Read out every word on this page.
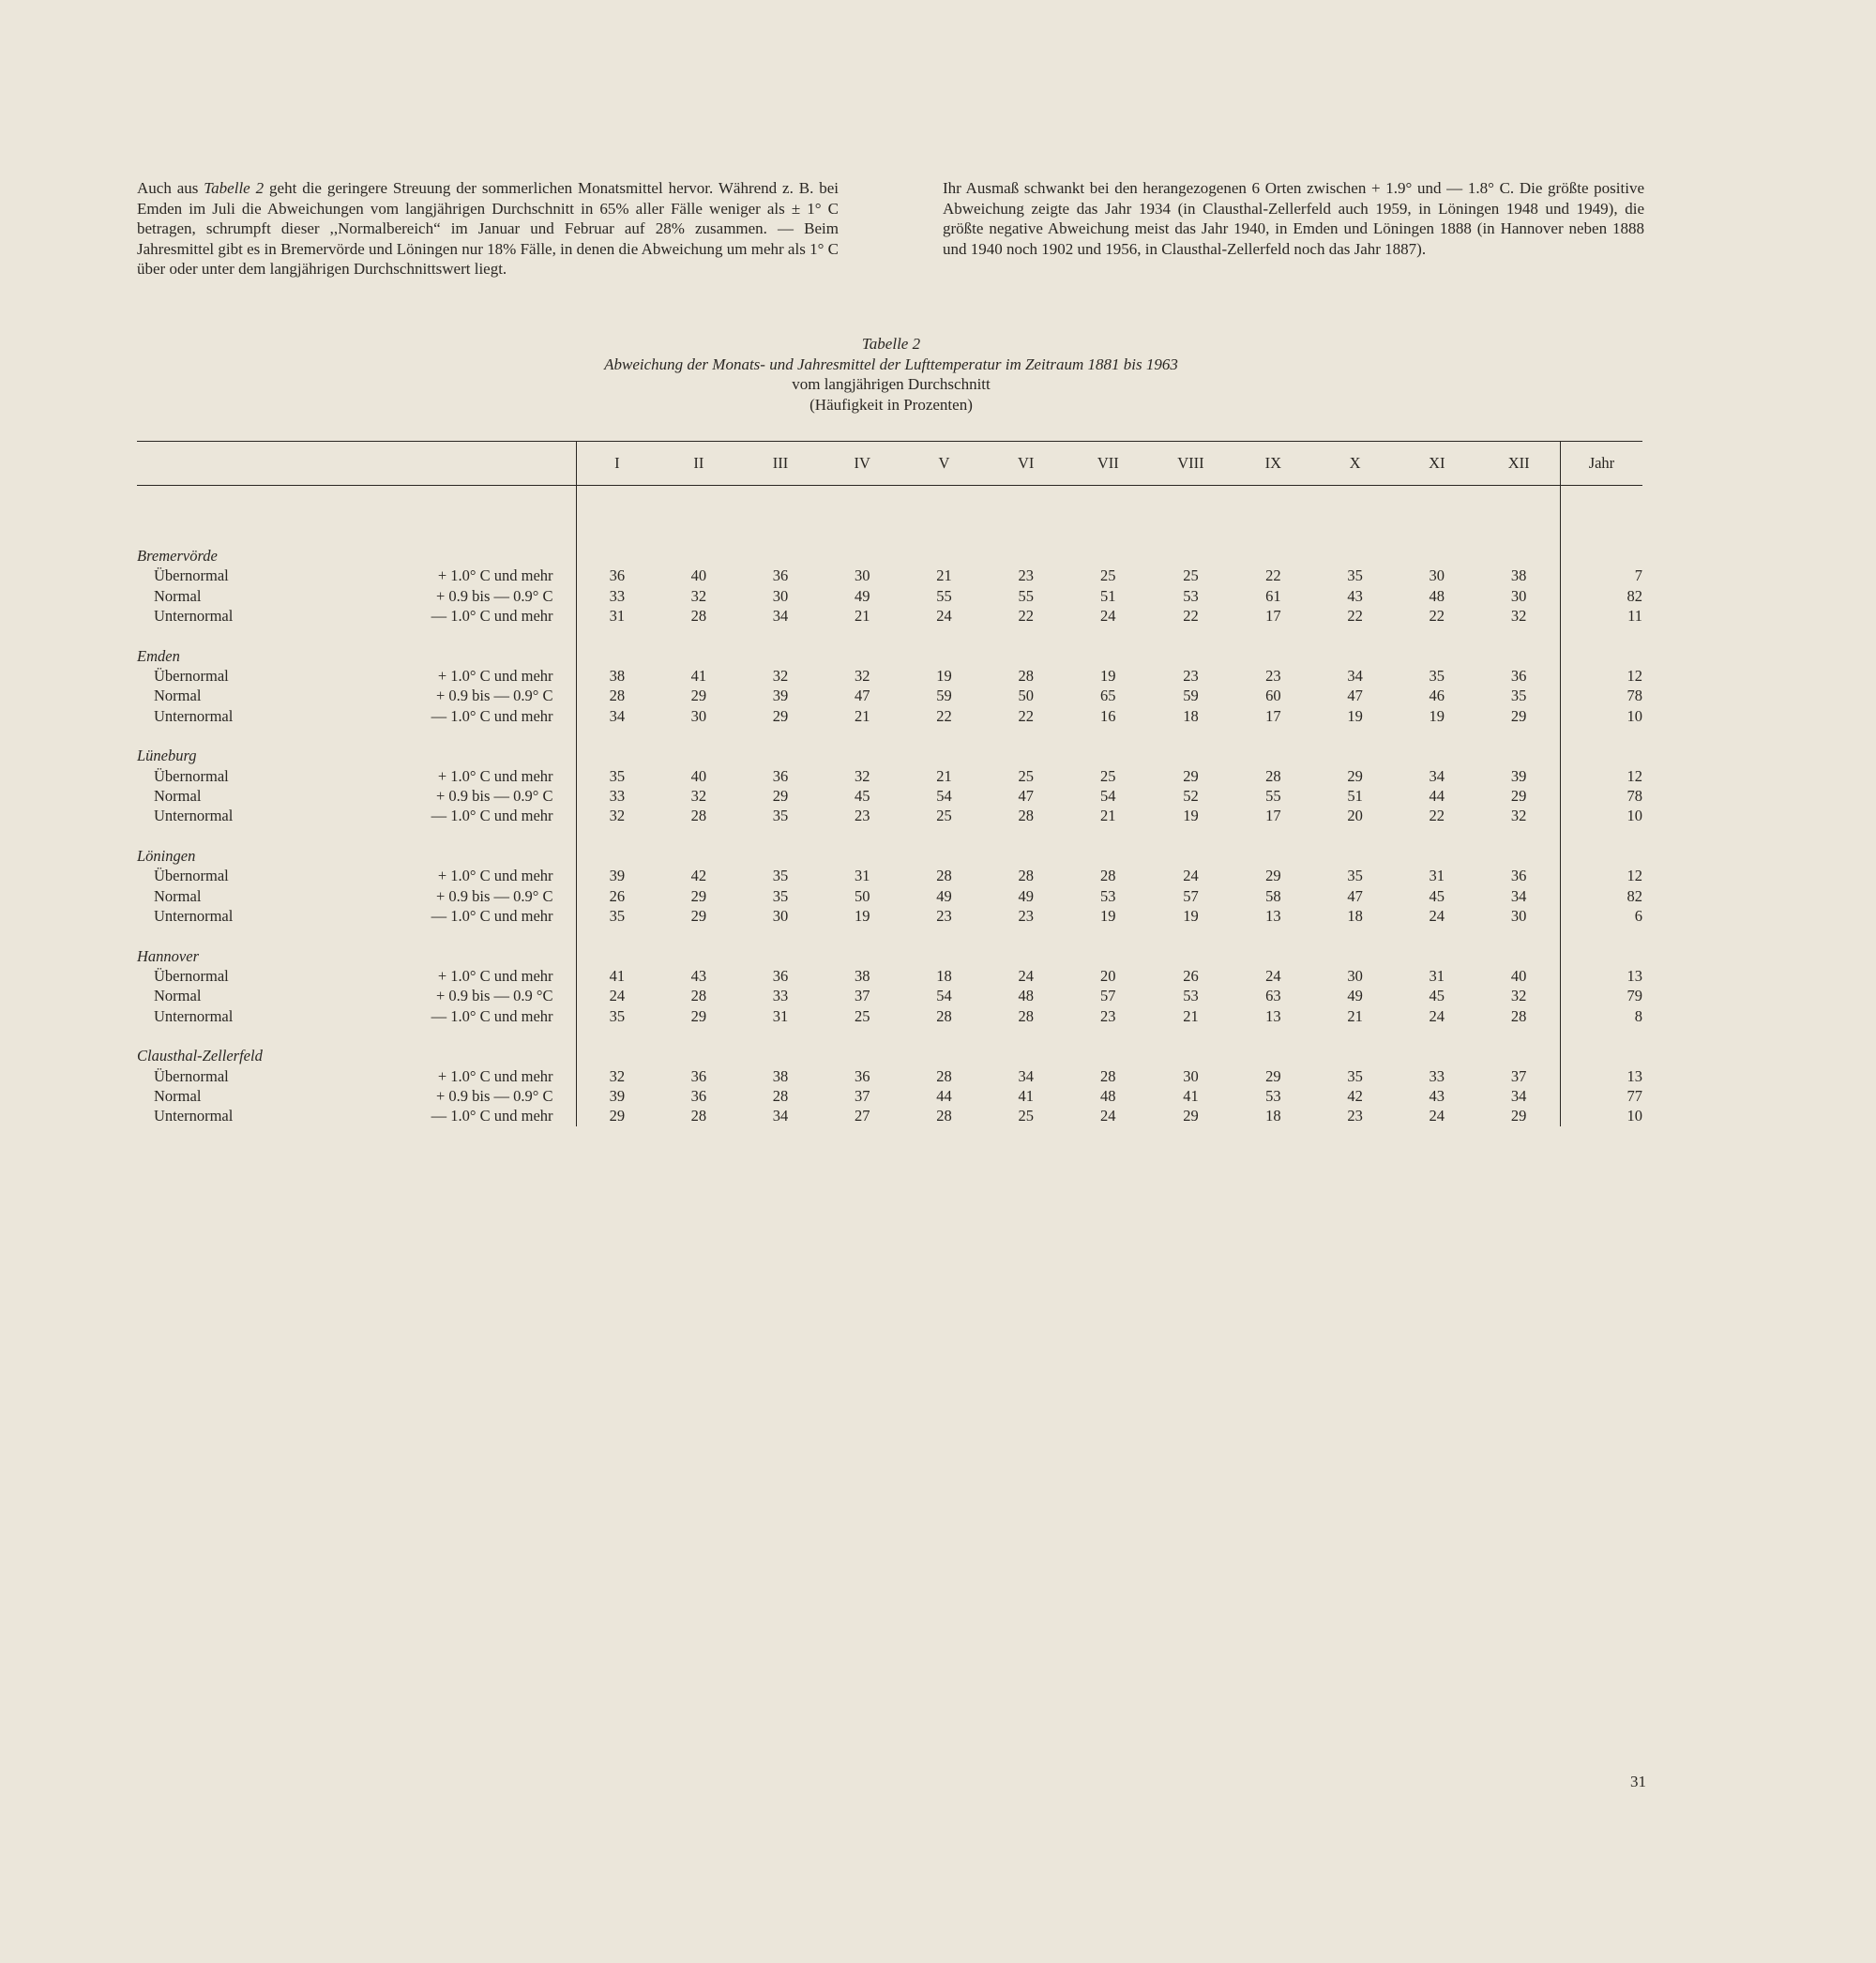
Auch aus Tabelle 2 geht die geringere Streuung der sommerlichen Monatsmittel hervor. Während z. B. bei Emden im Juli die Abweichungen vom langjährigen Durchschnitt in 65% aller Fälle weniger als ± 1° C betragen, schrumpft dieser ,,Normalbereich“ im Januar und Februar auf 28% zusammen. — Beim Jahresmittel gibt es in Bremervörde und Löningen nur 18% Fälle, in denen die Abweichung um mehr als 1° C über oder unter dem langjährigen Durchschnittswert liegt.

Ihr Ausmaß schwankt bei den herangezogenen 6 Orten zwischen + 1.9° und — 1.8° C. Die größte positive Abweichung zeigte das Jahr 1934 (in Clausthal-Zellerfeld auch 1959, in Löningen 1948 und 1949), die größte negative Abweichung meist das Jahr 1940, in Emden und Löningen 1888 (in Hannover neben 1888 und 1940 noch 1902 und 1956, in Clausthal-Zellerfeld noch das Jahr 1887).

Tabelle 2
Abweichung der Monats- und Jahresmittel der Lufttemperatur im Zeitraum 1881 bis 1963
vom langjährigen Durchschnitt
(Häufigkeit in Prozenten)
		I	II	III	IV	V	VI	VII	VIII	IX	X	XI	XII	Jahr

Bremervörde														
Übernormal	+ 1.0° C und mehr	36	40	36	30	21	23	25	25	22	35	30	38	7
Normal	+ 0.9 bis — 0.9° C	33	32	30	49	55	55	51	53	61	43	48	30	82
Unternormal	— 1.0° C und mehr	31	28	34	21	24	22	24	22	17	22	22	32	11

Emden														
Übernormal	+ 1.0° C und mehr	38	41	32	32	19	28	19	23	23	34	35	36	12
Normal	+ 0.9 bis — 0.9° C	28	29	39	47	59	50	65	59	60	47	46	35	78
Unternormal	— 1.0° C und mehr	34	30	29	21	22	22	16	18	17	19	19	29	10

Lüneburg														
Übernormal	+ 1.0° C und mehr	35	40	36	32	21	25	25	29	28	29	34	39	12
Normal	+ 0.9 bis — 0.9° C	33	32	29	45	54	47	54	52	55	51	44	29	78
Unternormal	— 1.0° C und mehr	32	28	35	23	25	28	21	19	17	20	22	32	10

Löningen														
Übernormal	+ 1.0° C und mehr	39	42	35	31	28	28	28	24	29	35	31	36	12
Normal	+ 0.9 bis — 0.9° C	26	29	35	50	49	49	53	57	58	47	45	34	82
Unternormal	— 1.0° C und mehr	35	29	30	19	23	23	19	19	13	18	24	30	6

Hannover														
Übernormal	+ 1.0° C und mehr	41	43	36	38	18	24	20	26	24	30	31	40	13
Normal	+ 0.9 bis — 0.9 °C	24	28	33	37	54	48	57	53	63	49	45	32	79
Unternormal	— 1.0° C und mehr	35	29	31	25	28	28	23	21	13	21	24	28	8

Clausthal-Zellerfeld														
Übernormal	+ 1.0° C und mehr	32	36	38	36	28	34	28	30	29	35	33	37	13
Normal	+ 0.9 bis — 0.9° C	39	36	28	37	44	41	48	41	53	42	43	34	77
Unternormal	— 1.0° C und mehr	29	28	34	27	28	25	24	29	18	23	24	29	10
31
